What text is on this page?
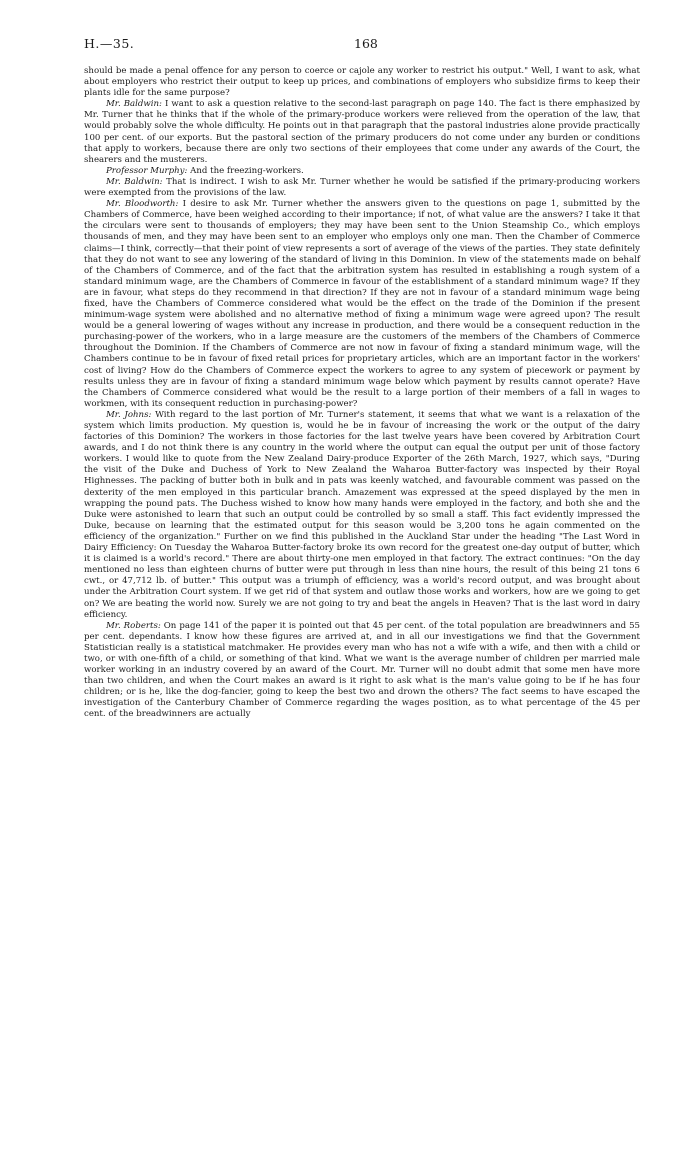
H.—35.	168

should be made a penal offence for any person to coerce or cajole any worker to restrict his output." Well, I want to ask, what about employers who restrict their output to keep up prices, and combinations of employers who subsidize firms to keep their plants idle for the same purpose?

Mr. Baldwin: I want to ask a question relative to the second-last paragraph on page 140. The fact is there emphasized by Mr. Turner that he thinks that if the whole of the primary-produce workers were relieved from the operation of the law, that would probably solve the whole difficulty. He points out in that paragraph that the pastoral industries alone provide practically 100 per cent. of our exports. But the pastoral section of the primary producers do not come under any burden or conditions that apply to workers, because there are only two sections of their employees that come under any awards of the Court, the shearers and the musterers.

Professor Murphy: And the freezing-workers.

Mr. Baldwin: That is indirect. I wish to ask Mr. Turner whether he would be satisfied if the primary-producing workers were exempted from the provisions of the law.

Mr. Bloodworth: I desire to ask Mr. Turner whether the answers given to the questions on page 1, submitted by the Chambers of Commerce, have been weighed according to their importance; if not, of what value are the answers? I take it that the circulars were sent to thousands of employers; they may have been sent to the Union Steamship Co., which employs thousands of men, and they may have been sent to an employer who employs only one man. Then the Chamber of Commerce claims—I think, correctly—that their point of view represents a sort of average of the views of the parties. They state definitely that they do not want to see any lowering of the standard of living in this Dominion. In view of the statements made on behalf of the Chambers of Commerce, and of the fact that the arbitration system has resulted in establishing a rough system of a standard minimum wage, are the Chambers of Commerce in favour of the establishment of a standard minimum wage? If they are in favour, what steps do they recommend in that direction? If they are not in favour of a standard minimum wage being fixed, have the Chambers of Commerce considered what would be the effect on the trade of the Dominion if the present minimum-wage system were abolished and no alternative method of fixing a minimum wage were agreed upon? The result would be a general lowering of wages without any increase in production, and there would be a consequent reduction in the purchasing-power of the workers, who in a large measure are the customers of the members of the Chambers of Commerce throughout the Dominion. If the Chambers of Commerce are not now in favour of fixing a standard minimum wage, will the Chambers continue to be in favour of fixed retail prices for proprietary articles, which are an important factor in the workers' cost of living? How do the Chambers of Commerce expect the workers to agree to any system of piecework or payment by results unless they are in favour of fixing a standard minimum wage below which payment by results cannot operate? Have the Chambers of Commerce considered what would be the result to a large portion of their members of a fall in wages to workmen, with its consequent reduction in purchasing-power?

Mr. Johns: With regard to the last portion of Mr. Turner's statement, it seems that what we want is a relaxation of the system which limits production. My question is, would he be in favour of increasing the work or the output of the dairy factories of this Dominion? The workers in those factories for the last twelve years have been covered by Arbitration Court awards, and I do not think there is any country in the world where the output can equal the output per unit of those factory workers. I would like to quote from the New Zealand Dairy-produce Exporter of the 26th March, 1927, which says, "During the visit of the Duke and Duchess of York to New Zealand the Waharoa Butter-factory was inspected by their Royal Highnesses. The packing of butter both in bulk and in pats was keenly watched, and favourable comment was passed on the dexterity of the men employed in this particular branch. Amazement was expressed at the speed displayed by the men in wrapping the pound pats. The Duchess wished to know how many hands were employed in the factory, and both she and the Duke were astonished to learn that such an output could be controlled by so small a staff. This fact evidently impressed the Duke, because on learning that the estimated output for this season would be 3,200 tons he again commented on the efficiency of the organization." Further on we find this published in the Auckland Star under the heading "The Last Word in Dairy Efficiency: On Tuesday the Waharoa Butter-factory broke its own record for the greatest one-day output of butter, which it is claimed is a world's record." There are about thirty-one men employed in that factory. The extract continues: "On the day mentioned no less than eighteen churns of butter were put through in less than nine hours, the result of this being 21 tons 6 cwt., or 47,712 lb. of butter." This output was a triumph of efficiency, was a world's record output, and was brought about under the Arbitration Court system. If we get rid of that system and outlaw those works and workers, how are we going to get on? We are beating the world now. Surely we are not going to try and beat the angels in Heaven? That is the last word in dairy efficiency.

Mr. Roberts: On page 141 of the paper it is pointed out that 45 per cent. of the total population are breadwinners and 55 per cent. dependants. I know how these figures are arrived at, and in all our investigations we find that the Government Statistician really is a statistical matchmaker. He provides every man who has not a wife with a wife, and then with a child or two, or with one-fifth of a child, or something of that kind. What we want is the average number of children per married male worker working in an industry covered by an award of the Court. Mr. Turner will no doubt admit that some men have more than two children, and when the Court makes an award is it right to ask what is the man's value going to be if he has four children; or is he, like the dog-fancier, going to keep the best two and drown the others? The fact seems to have escaped the investigation of the Canterbury Chamber of Commerce regarding the wages position, as to what percentage of the 45 per cent. of the breadwinners are actually
